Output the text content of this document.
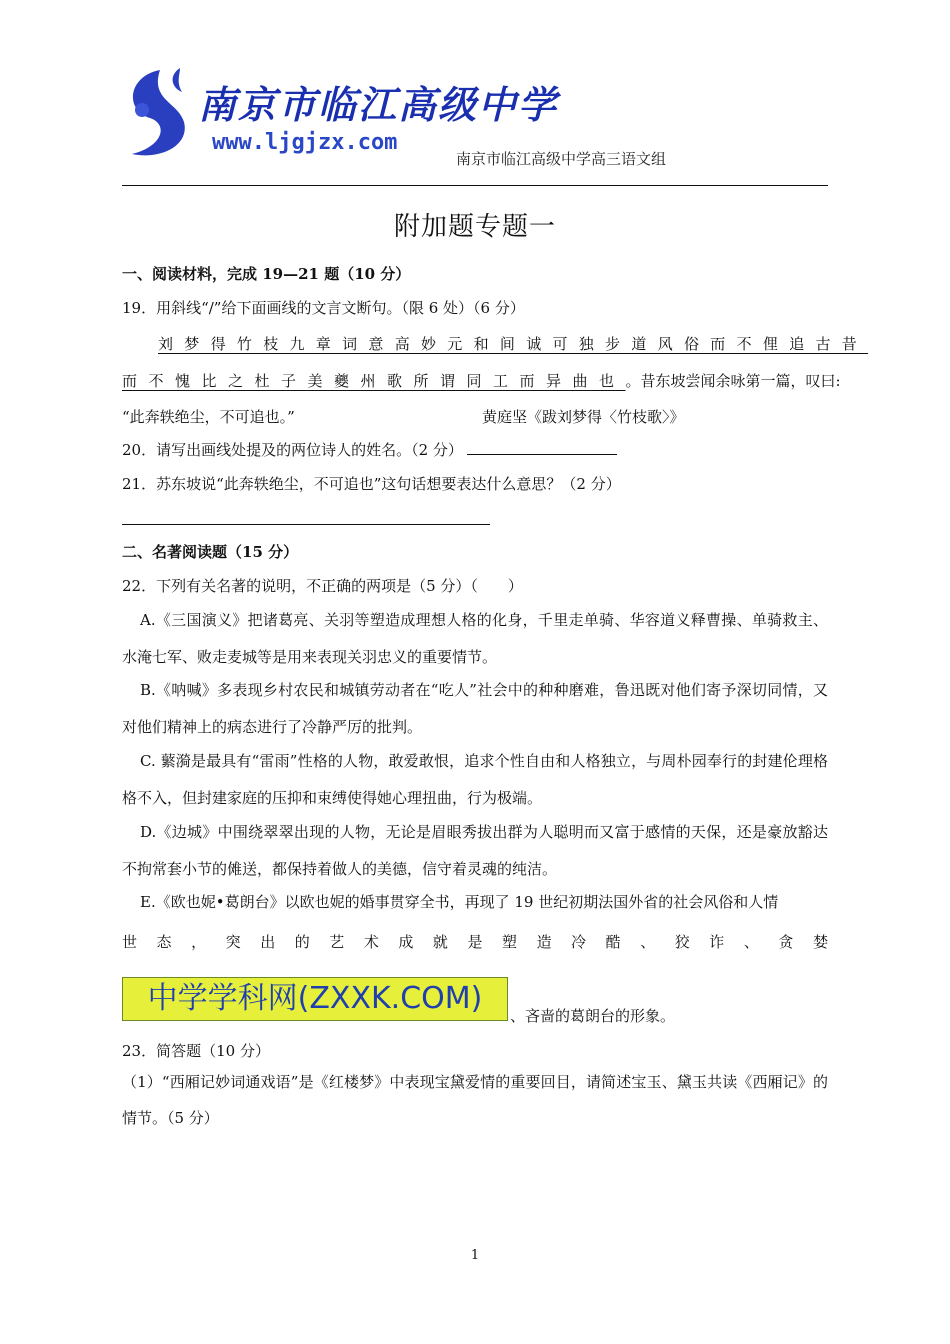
南京市临江高级中学
www.ljgjzx.com
南京市临江高级中学高三语文组
附加题专题一
一、阅读材料，完成 19—21 题（10 分）
19．用斜线“/”给下面画线的文言文断句。（限 6 处）（6 分）
刘梦得竹枝九章词意高妙元和间诚可独步道风俗而不俚追古昔
而不愧比之杜子美夔州歌所谓同工而异曲也。昔东坡尝闻余咏第一篇，叹曰:
“此奔轶绝尘，不可追也。”	黄庭坚《跋刘梦得〈竹枝歌〉》
20．请写出画线处提及的两位诗人的姓名。（2 分）
21．苏东坡说“此奔轶绝尘，不可追也”这句话想要表达什么意思？（2 分）
二、名著阅读题（15 分）
22．下列有关名著的说明，不正确的两项是（5 分）（　　）
A.《三国演义》把诸葛亮、关羽等塑造成理想人格的化身，千里走单骑、华容道义释曹操、单骑救主、水淹七军、败走麦城等是用来表现关羽忠义的重要情节。
B.《呐喊》多表现乡村农民和城镇劳动者在“吃人”社会中的种种磨难，鲁迅既对他们寄予深切同情，又对他们精神上的病态进行了冷静严厉的批判。
C. 蘩漪是最具有“雷雨”性格的人物，敢爱敢恨，追求个性自由和人格独立，与周朴园奉行的封建伦理格格不入，但封建家庭的压抑和束缚使得她心理扭曲，行为极端。
D.《边城》中围绕翠翠出现的人物，无论是眉眼秀拔出群为人聪明而又富于感情的天保，还是豪放豁达不拘常套小节的傩送，都保持着做人的美德，信守着灵魂的纯洁。
E.《欧也妮•葛朗台》以欧也妮的婚事贯穿全书，再现了 19 世纪初期法国外省的社会风俗和人情
世 态 ， 突 出 的 艺 术 成 就 是 塑 造 冷 酷 、 狡 诈 、 贪 婪
中学学科网(ZXXK.COM)	、吝啬的葛朗台的形象。
23．简答题（10 分）
（1）“西厢记妙词通戏语”是《红楼梦》中表现宝黛爱情的重要回目，请简述宝玉、黛玉共读《西厢记》的情节。（5 分）
1
